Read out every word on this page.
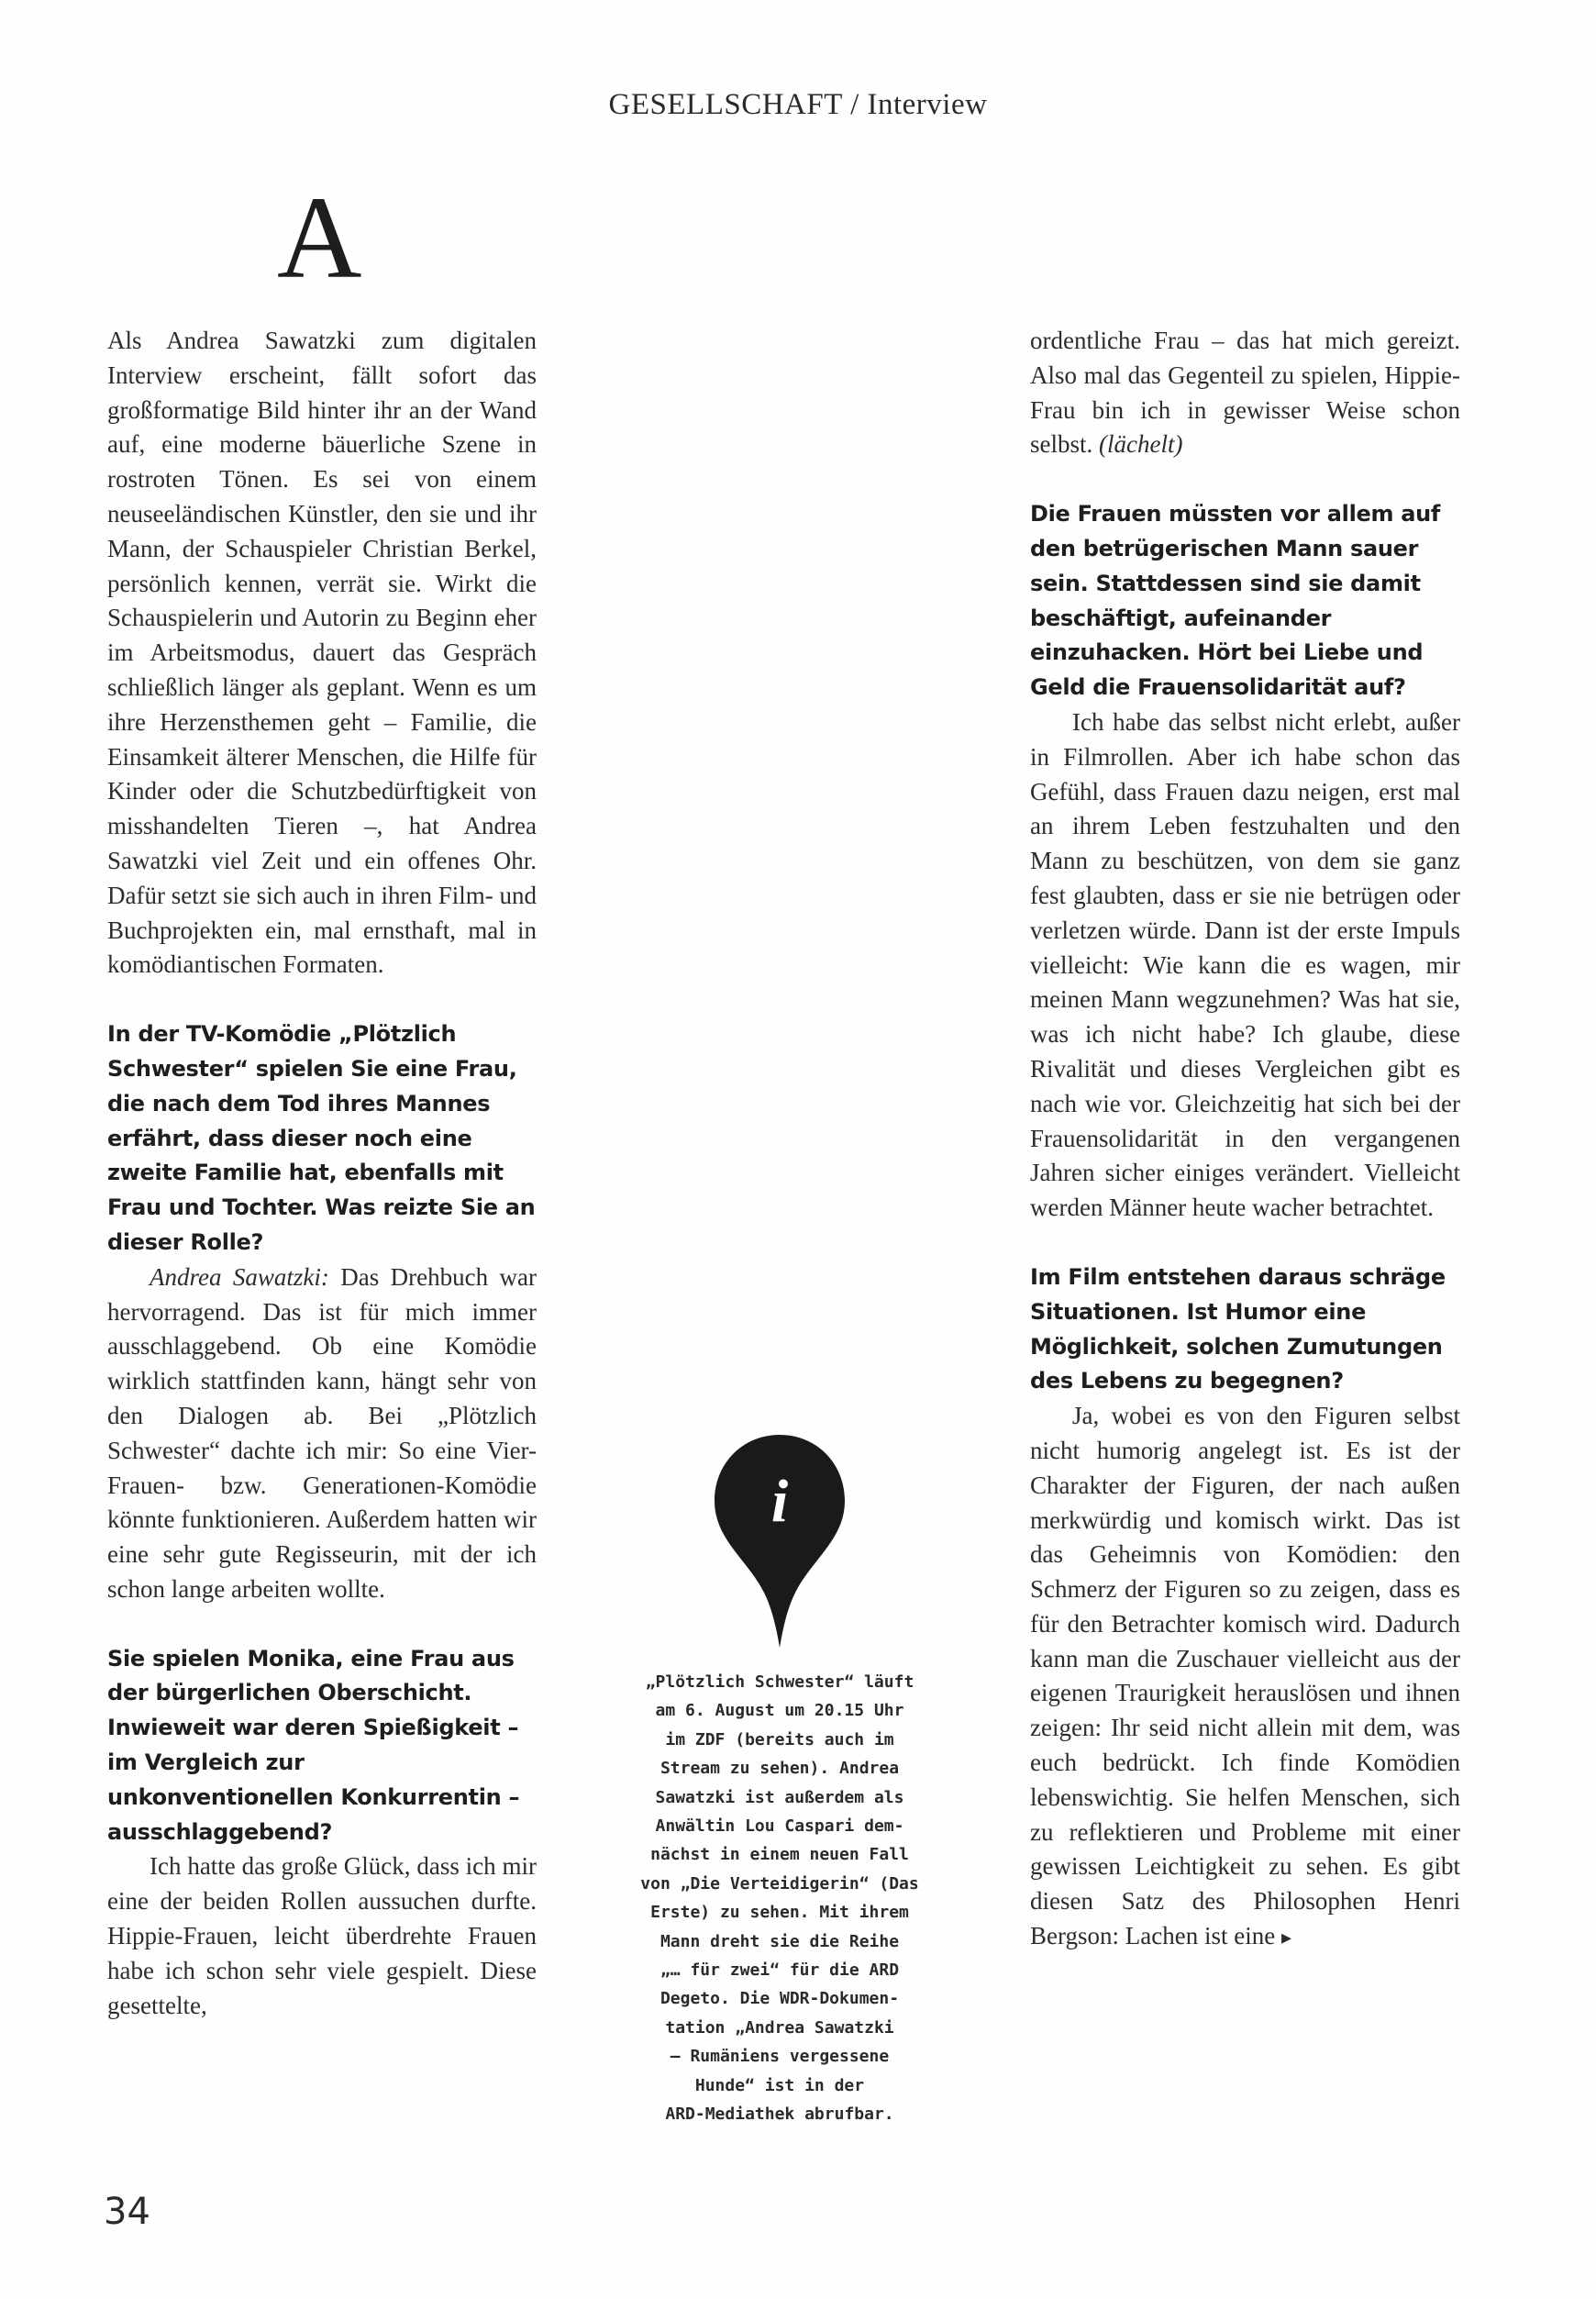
GESELLSCHAFT / Interview
A

Als Andrea Sawatzki zum digitalen Interview erscheint, fällt sofort das großformatige Bild hinter ihr an der Wand auf, eine moderne bäuerliche Szene in rostroten Tönen. Es sei von einem neuseeländischen Künstler, den sie und ihr Mann, der Schauspieler Christian Berkel, persönlich kennen, verrät sie. Wirkt die Schauspielerin und Autorin zu Beginn eher im Arbeitsmodus, dauert das Gespräch schließlich länger als geplant. Wenn es um ihre Herzensthemen geht – Familie, die Einsamkeit älterer Menschen, die Hilfe für Kinder oder die Schutzbedürftigkeit von misshandelten Tieren –, hat Andrea Sawatzki viel Zeit und ein offenes Ohr. Dafür setzt sie sich auch in ihren Film- und Buchprojekten ein, mal ernsthaft, mal in komödiantischen Formaten.

In der TV-Komödie „Plötzlich Schwester“ spielen Sie eine Frau, die nach dem Tod ihres Mannes erfährt, dass dieser noch eine zweite Familie hat, ebenfalls mit Frau und Tochter. Was reizte Sie an dieser Rolle?

Andrea Sawatzki: Das Drehbuch war hervorragend. Das ist für mich immer ausschlaggebend. Ob eine Komödie wirklich stattfinden kann, hängt sehr von den Dialogen ab. Bei „Plötzlich Schwester“ dachte ich mir: So eine Vier-Frauen- bzw. Generationen-Komödie könnte funktionieren. Außerdem hatten wir eine sehr gute Regisseurin, mit der ich schon lange arbeiten wollte.

Sie spielen Monika, eine Frau aus der bürgerlichen Oberschicht. Inwieweit war deren Spießigkeit – im Vergleich zur unkonventionellen Konkurrentin – ausschlaggebend?

Ich hatte das große Glück, dass ich mir eine der beiden Rollen aussuchen durfte. Hippie-Frauen, leicht überdrehte Frauen habe ich schon sehr viele gespielt. Diese gesettelte,

ordentliche Frau – das hat mich gereizt. Also mal das Gegenteil zu spielen, Hippie-Frau bin ich in gewisser Weise schon selbst. (lächelt)

Die Frauen müssten vor allem auf den betrügerischen Mann sauer sein. Stattdessen sind sie damit beschäftigt, aufeinander einzuhacken. Hört bei Liebe und Geld die Frauensolidarität auf?

Ich habe das selbst nicht erlebt, außer in Filmrollen. Aber ich habe schon das Gefühl, dass Frauen dazu neigen, erst mal an ihrem Leben festzuhalten und den Mann zu beschützen, von dem sie ganz fest glaubten, dass er sie nie betrügen oder verletzen würde. Dann ist der erste Impuls vielleicht: Wie kann die es wagen, mir meinen Mann wegzunehmen? Was hat sie, was ich nicht habe? Ich glaube, diese Rivalität und dieses Vergleichen gibt es nach wie vor. Gleichzeitig hat sich bei der Frauensolidarität in den vergangenen Jahren sicher einiges verändert. Vielleicht werden Männer heute wacher betrachtet.

Im Film entstehen daraus schräge Situationen. Ist Humor eine Möglichkeit, solchen Zumutungen des Lebens zu begegnen?

Ja, wobei es von den Figuren selbst nicht humorig angelegt ist. Es ist der Charakter der Figuren, der nach außen merkwürdig und komisch wirkt. Das ist das Geheimnis von Komödien: den Schmerz der Figuren so zu zeigen, dass es für den Betrachter komisch wird. Dadurch kann man die Zuschauer vielleicht aus der eigenen Traurigkeit herauslösen und ihnen zeigen: Ihr seid nicht allein mit dem, was euch bedrückt. Ich finde Komödien lebenswichtig. Sie helfen Menschen, sich zu reflektieren und Probleme mit einer gewissen Leichtigkeit zu sehen. Es gibt diesen Satz des Philosophen Henri Bergson: Lachen ist eine ▸

i
„Plötzlich Schwester“ läuft
am 6. August um 20.15 Uhr
im ZDF (bereits auch im
Stream zu sehen). Andrea
Sawatzki ist außerdem als
Anwältin Lou Caspari dem-
nächst in einem neuen Fall
von „Die Verteidigerin“ (Das
Erste) zu sehen. Mit ihrem
Mann dreht sie die Reihe
„… für zwei“ für die ARD
Degeto. Die WDR-Dokumen-
tation „Andrea Sawatzki
– Rumäniens vergessene
Hunde“ ist in der
ARD-Mediathek abrufbar.
34
